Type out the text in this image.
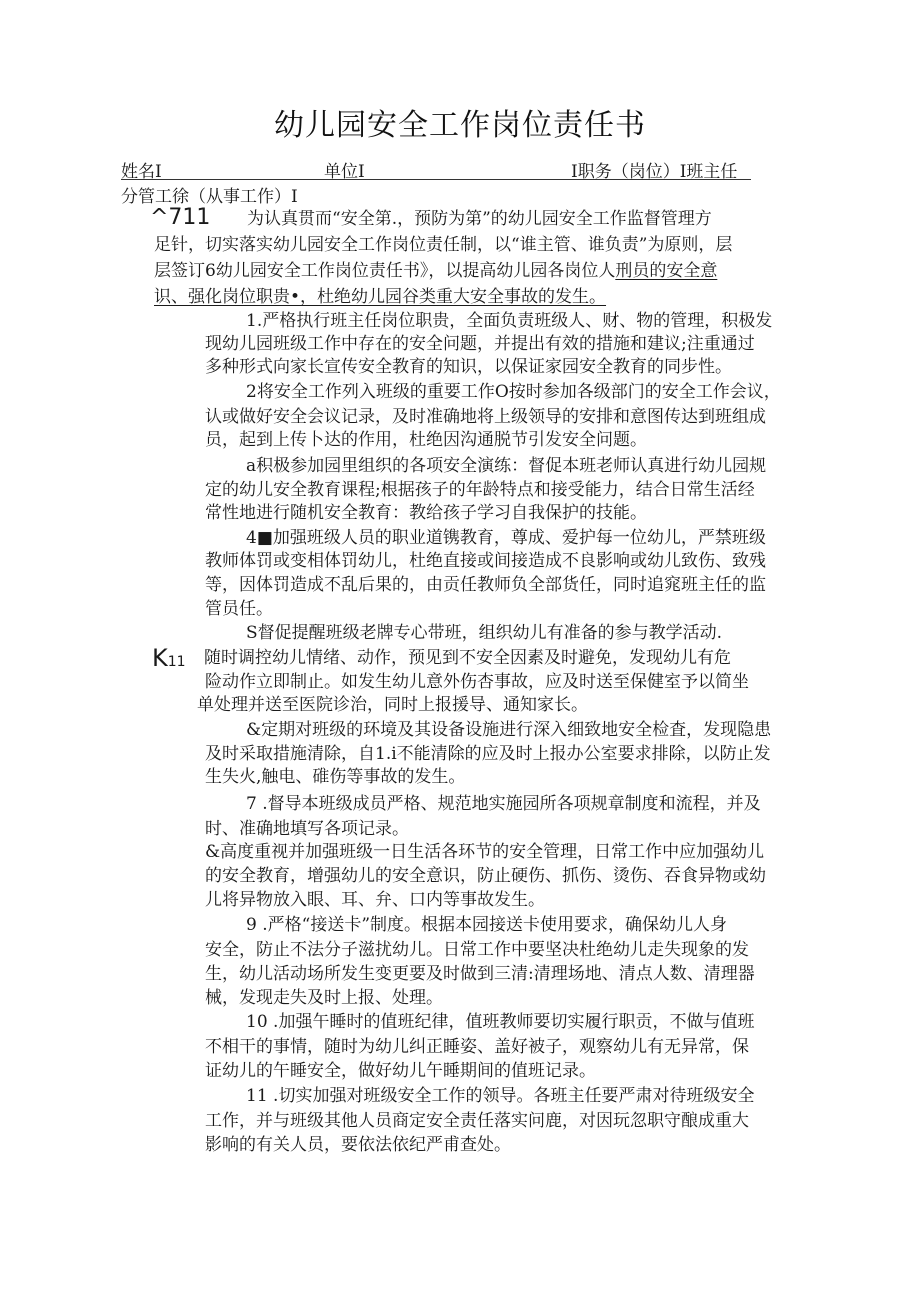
幼儿园安全工作岗位责任书
姓名I	单位I	I职务（岗位）I班主任
分管工徐（从事工作）I
^711 为认真贯而“安全第.，预防为第”的幼儿园安全工作监督管理方
足针，切实落实幼儿园安全工作岗位责任制，以“谁主管、谁负责”为原则，层
层签订6幼儿园安全工作岗位责任书》，以提高幼儿园各岗位人刑员的安全意
识、强化岗位职贵•，杜绝幼儿园谷类重大安全事故的发生。
1.严格执行班主任岗位职贵，全面负责班级人、财、物的管理，积极发
现幼儿园班级工作中存在的安全问题，并提出有效的措施和建议;注重通过
多种形式向家长宣传安全教育的知识，以保证家园安全教育的同步性。
2将安全工作列入班级的重要工作O按时参加各级部门的安全工作会议，
认或做好安全会议记录，及时准确地将上级领导的安排和意图传达到班组成
员，起到上传卜达的作用，杜绝因沟通脱节引发安全问题。
a积极参加园里组织的各项安全演练：督促本班老师认真进行幼儿园规
定的幼儿安全教育课程;根据孩子的年龄特点和接受能力，结合日常生活经
常性地进行随机安全教育：教给孩子学习自我保护的技能。
4■加强班级人员的职业道镌教育，尊成、爱护每一位幼儿，严禁班级
教师体罚或变相体罚幼儿，杜绝直接或间接造成不良影响或幼儿致伤、致残
等，因体罚造成不乱后果的，由贡任教师负全部货任，同时追窕班主任的监
管员任。
S督促提醒班级老牌专心带班，组织幼儿有准备的参与教学活动.
K11 随时调控幼儿情绪、动作，预见到不安全因素及时避免，发现幼儿有危
险动作立即制止。如发生幼儿意外伤杏事故，应及时送至保健室予以简坐
单处理并送至医院诊治，同时上报援导、通知家长。
&定期对班级的环境及其设备设施进行深入细致地安全检査，发现隐患
及时采取措施清除，自1.i不能清除的应及时上报办公室要求排除，以防止发
生失火,触电、碓伤等事故的发生。
7 .督导本班级成员严格、规范地实施园所各项规章制度和流程，并及
时、准确地填写各项记录。
&高度重视并加强班级一日生活各环节的安全管理，日常工作中应加强幼儿
的安全教育，增强幼儿的安全意识，防止硬伤、抓伤、烫伤、吞食异物或幼
儿将异物放入眼、耳、弁、口内等事故发生。
9 .严格“接送卡”制度。根据本园接送卡使用要求，确保幼儿人身
安全，防止不法分子滋扰幼儿。日常工作中要坚决杜绝幼儿走失现象的发
生，幼儿活动场所发生变更要及时做到三清:清理场地、清点人数、清理器
械，发现走失及时上报、处理。
10 .加强午睡时的值班纪律，值班教师要切实履行职贡，不做与值班
不相干的事情，随时为幼儿纠正睡姿、盖好被子，观察幼儿有无异常，保
证幼儿的午睡安全，做好幼儿午睡期间的值班记录。
11 .切实加强对班级安全工作的领导。各班主任要严肃对待班级安全
工作，并与班级其他人员商定安全责任落实问鹿，对因玩忽职守酿成重大
影响的有关人员，要依法依纪严甫查处。
